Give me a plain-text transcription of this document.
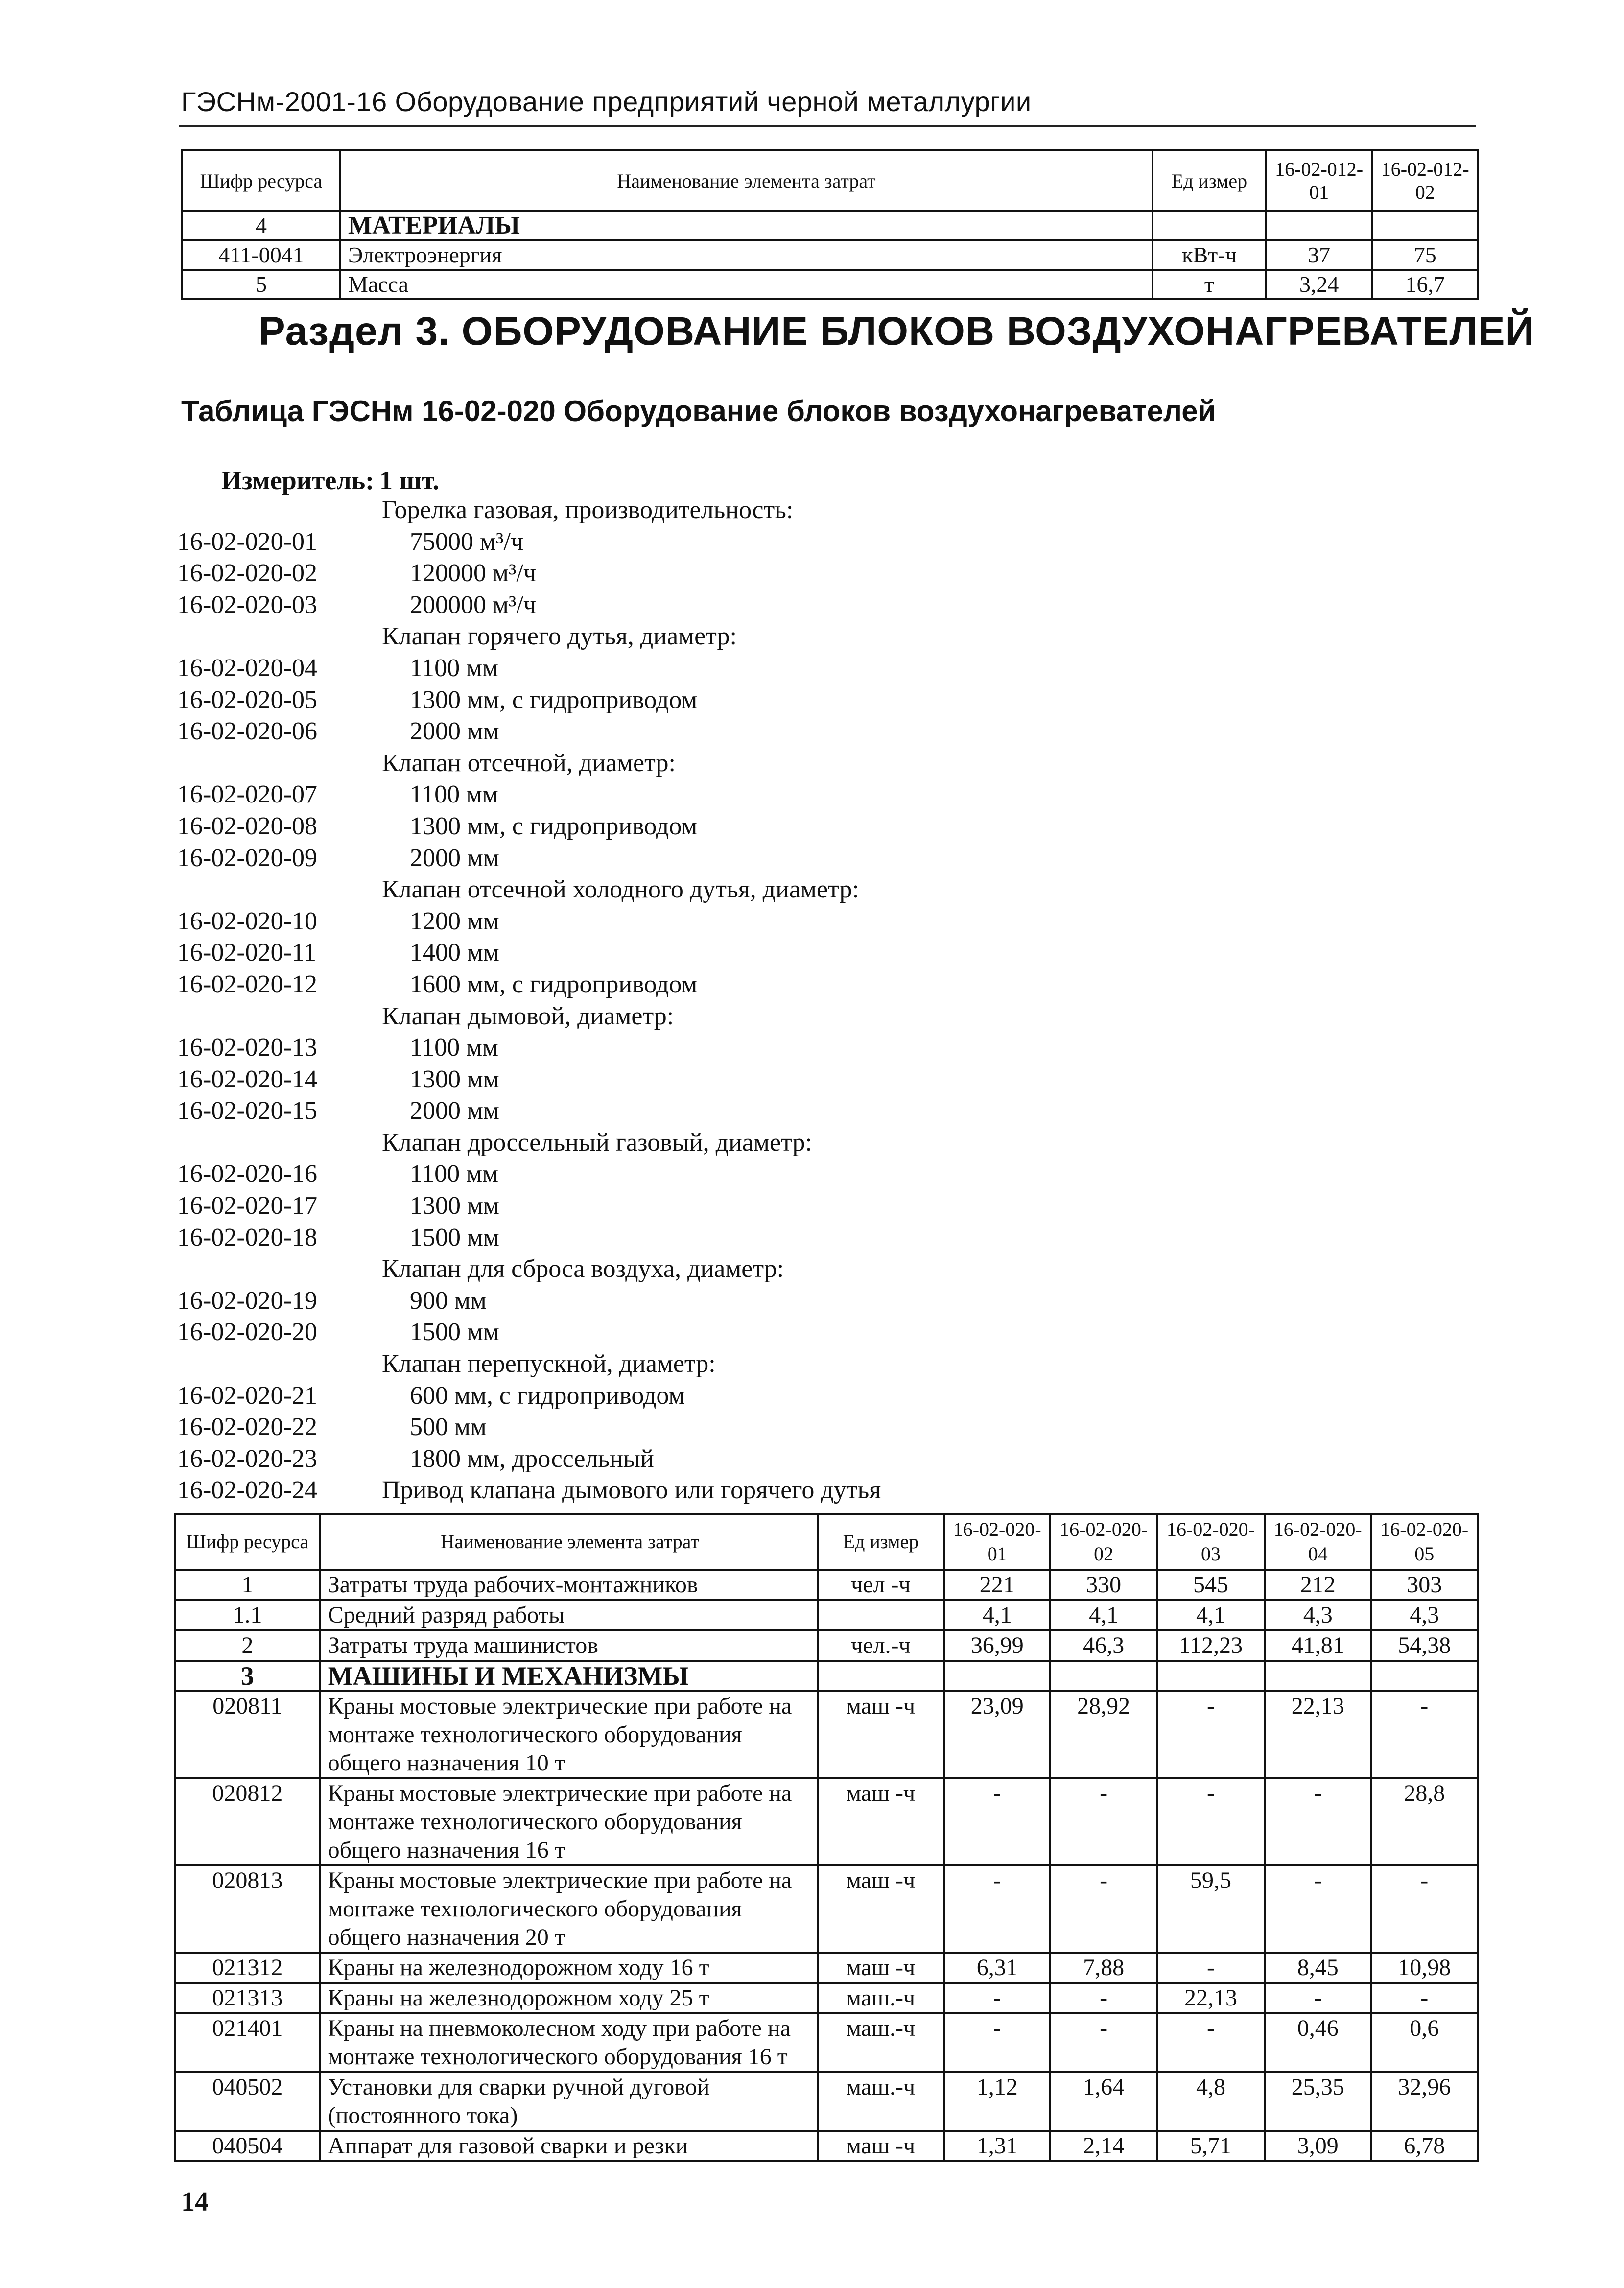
ГЭСНм-2001-16 Оборудование предприятий черной металлургии
Шифр ресурса	Наименование элемента затрат	Ед измер	16-02-012-01	16-02-012-02
4	МАТЕРИАЛЫ			
411-0041	Электроэнергия	кВт-ч	37	75
5	Масса	т	3,24	16,7
Раздел 3. ОБОРУДОВАНИЕ БЛОКОВ ВОЗДУХОНАГРЕВАТЕЛЕЙ
Таблица ГЭСНм 16-02-020 Оборудование блоков воздухонагревателей
Измеритель: 1 шт.
Горелка газовая, производительность:
16-02-020-01	75000 м³/ч
16-02-020-02	120000 м³/ч
16-02-020-03	200000 м³/ч
Клапан горячего дутья, диаметр:
16-02-020-04	1100 мм
16-02-020-05	1300 мм, с гидроприводом
16-02-020-06	2000 мм
Клапан отсечной, диаметр:
16-02-020-07	1100 мм
16-02-020-08	1300 мм, с гидроприводом
16-02-020-09	2000 мм
Клапан отсечной холодного дутья, диаметр:
16-02-020-10	1200 мм
16-02-020-11	1400 мм
16-02-020-12	1600 мм, с гидроприводом
Клапан дымовой, диаметр:
16-02-020-13	1100 мм
16-02-020-14	1300 мм
16-02-020-15	2000 мм
Клапан дроссельный газовый, диаметр:
16-02-020-16	1100 мм
16-02-020-17	1300 мм
16-02-020-18	1500 мм
Клапан для сброса воздуха, диаметр:
16-02-020-19	900 мм
16-02-020-20	1500 мм
Клапан перепускной, диаметр:
16-02-020-21	600 мм, с гидроприводом
16-02-020-22	500 мм
16-02-020-23	1800 мм, дроссельный
16-02-020-24	Привод клапана дымового или горячего дутья
Шифр ресурса	Наименование элемента затрат	Ед измер	16-02-020-01	16-02-020-02	16-02-020-03	16-02-020-04	16-02-020-05
1	Затраты труда рабочих-монтажников	чел -ч	221	330	545	212	303
1.1	Средний разряд работы		4,1	4,1	4,1	4,3	4,3
2	Затраты труда машинистов	чел.-ч	36,99	46,3	112,23	41,81	54,38
3	МАШИНЫ И МЕХАНИЗМЫ						
020811	Краны мостовые электрические при работе на монтаже технологического оборудования общего назначения 10 т	маш -ч	23,09	28,92	-	22,13	-
020812	Краны мостовые электрические при работе на монтаже технологического оборудования общего назначения 16 т	маш -ч	-	-	-	-	28,8
020813	Краны мостовые электрические при работе на монтаже технологического оборудования общего назначения 20 т	маш -ч	-	-	59,5	-	-
021312	Краны на железнодорожном ходу 16 т	маш -ч	6,31	7,88	-	8,45	10,98
021313	Краны на железнодорожном ходу 25 т	маш.-ч	-	-	22,13	-	-
021401	Краны на пневмоколесном ходу при работе на монтаже технологического оборудования 16 т	маш.-ч	-	-	-	0,46	0,6
040502	Установки для сварки ручной дуговой (постоянного тока)	маш.-ч	1,12	1,64	4,8	25,35	32,96
040504	Аппарат для газовой сварки и резки	маш -ч	1,31	2,14	5,71	3,09	6,78
14
